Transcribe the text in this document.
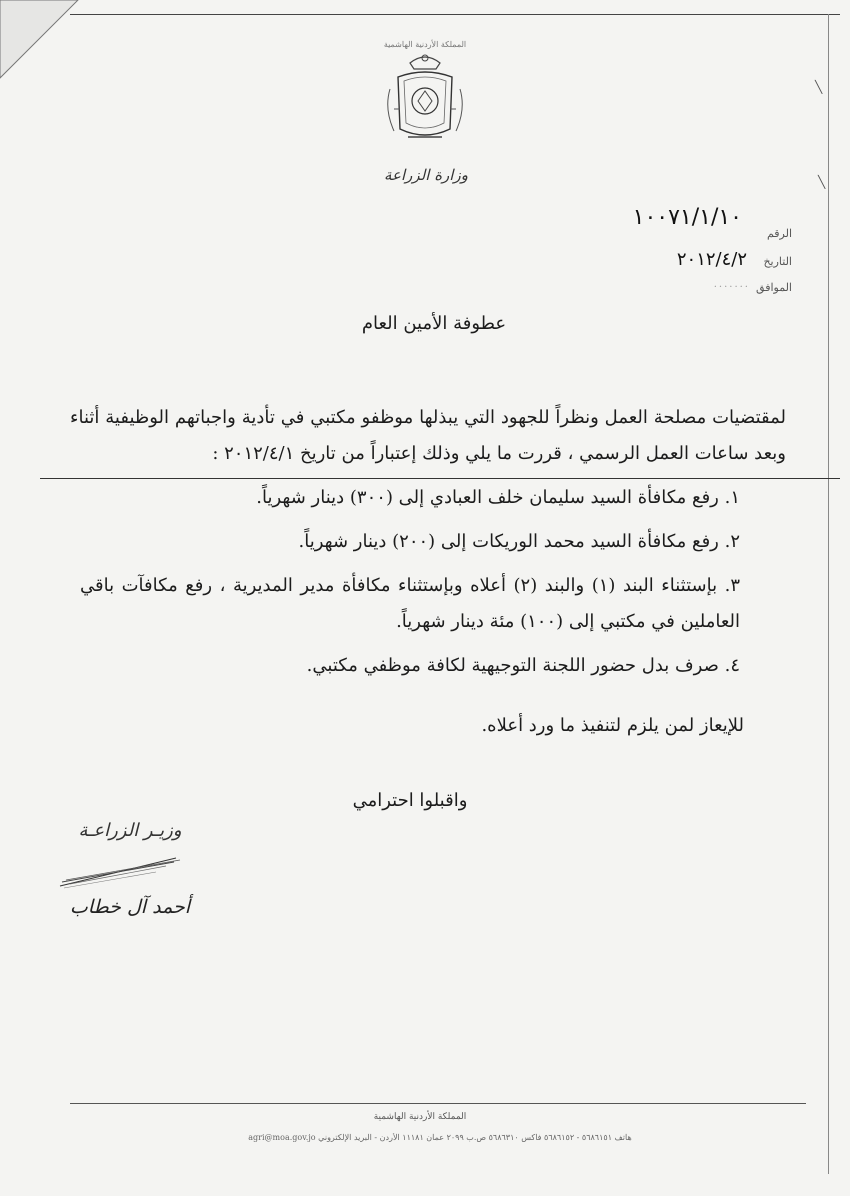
╲
╲
المملكة الأردنية الهاشمية
وزارة الزراعة
الرقم
١٠٠٧١/١/١٠
التاريخ
٢٠١٢/٤/٢
الموافق
.......
عطوفة الأمين العام
لمقتضيات مصلحة العمل ونظراً للجهود التي يبذلها موظفو مكتبي في تأدية واجباتهم الوظيفية أثناء وبعد ساعات العمل الرسمي ، قررت ما يلي وذلك إعتباراً من تاريخ ٢٠١٢/٤/١ :

١. رفع مكافأة السيد سليمان خلف العبادي إلى (٣٠٠) دينار شهرياً.

٢. رفع مكافأة السيد محمد الوريكات إلى (٢٠٠) دينار شهرياً.

٣. بإستثناء البند (١) والبند (٢) أعلاه وبإستثناء مكافأة مدير المديرية ، رفع مكافآت باقي العاملين في مكتبي إلى (١٠٠) مئة دينار شهرياً.

٤. صرف بدل حضور اللجنة التوجيهية لكافة موظفي مكتبي.

للإيعاز لمن يلزم لتنفيذ ما ورد أعلاه.
واقبلوا احترامي
وزيـر الزراعـة
أحمد آل خطاب
المملكة الأردنية الهاشمية
هاتف ٥٦٨٦١٥١ - ٥٦٨٦١٥٢ فاكس ٥٦٨٦٣١٠ ص.ب ٢٠٩٩ عمان ١١١٨١ الأردن - البريد الإلكتروني agri@moa.gov.jo
